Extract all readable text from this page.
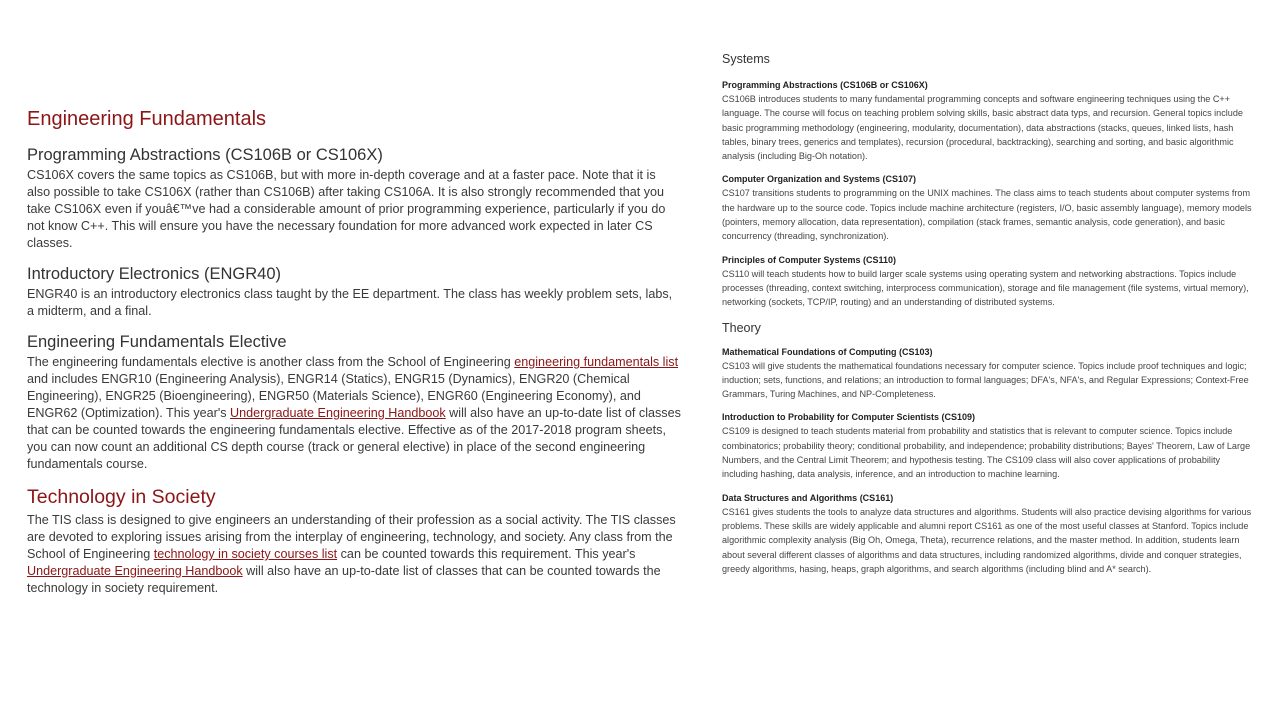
Engineering Fundamentals
Programming Abstractions (CS106B or CS106X)

CS106X covers the same topics as CS106B, but with more in-depth coverage and at a faster pace. Note that it is also possible to take CS106X (rather than CS106B) after taking CS106A. It is also strongly recommended that you take CS106X even if youâ€™ve had a considerable amount of prior programming experience, particularly if you do not know C++. This will ensure you have the necessary foundation for more advanced work expected in later CS classes.

Introductory Electronics (ENGR40)

ENGR40 is an introductory electronics class taught by the EE department. The class has weekly problem sets, labs, a midterm, and a final.

Engineering Fundamentals Elective

The engineering fundamentals elective is another class from the School of Engineering engineering fundamentals list and includes ENGR10 (Engineering Analysis), ENGR14 (Statics), ENGR15 (Dynamics), ENGR20 (Chemical Engineering), ENGR25 (Bioengineering), ENGR50 (Materials Science), ENGR60 (Engineering Economy), and ENGR62 (Optimization). This year's Undergraduate Engineering Handbook will also have an up-to-date list of classes that can be counted towards the engineering fundamentals elective. Effective as of the 2017-2018 program sheets, you can now count an additional CS depth course (track or general elective) in place of the second engineering fundamentals course.

Technology in Society

The TIS class is designed to give engineers an understanding of their profession as a social activity. The TIS classes are devoted to exploring issues arising from the interplay of engineering, technology, and society. Any class from the School of Engineering technology in society courses list can be counted towards this requirement. This year's Undergraduate Engineering Handbook will also have an up-to-date list of classes that can be counted towards the technology in society requirement.

Systems
Programming Abstractions (CS106B or CS106X)
CS106B introduces students to many fundamental programming concepts and software engineering techniques using the C++ language. The course will focus on teaching problem solving skills, basic abstract data typs, and recursion. General topics include basic programming methodology (engineering, modularity, documentation), data abstractions (stacks, queues, linked lists, hash tables, binary trees, generics and templates), recursion (procedural, backtracking), searching and sorting, and basic algorithmic analysis (including Big-Oh notation).
Computer Organization and Systems (CS107)
CS107 transitions students to programming on the UNIX machines. The class aims to teach students about computer systems from the hardware up to the source code. Topics include machine architecture (registers, I/O, basic assembly language), memory models (pointers, memory allocation, data representation), compilation (stack frames, semantic analysis, code generation), and basic concurrency (threading, synchronization).
Principles of Computer Systems (CS110)
CS110 will teach students how to build larger scale systems using operating system and networking abstractions. Topics include processes (threading, context switching, interprocess communication), storage and file management (file systems, virtual memory), networking (sockets, TCP/IP, routing) and an understanding of distributed systems.
Theory
Mathematical Foundations of Computing (CS103)
CS103 will give students the mathematical foundations necessary for computer science. Topics include proof techniques and logic; induction; sets, functions, and relations; an introduction to formal languages; DFA's, NFA's, and Regular Expressions; Context-Free Grammars, Turing Machines, and NP-Completeness.
Introduction to Probability for Computer Scientists (CS109)
CS109 is designed to teach students material from probability and statistics that is relevant to computer science. Topics include combinatorics; probability theory; conditional probability, and independence; probability distributions; Bayes' Theorem, Law of Large Numbers, and the Central Limit Theorem; and hypothesis testing. The CS109 class will also cover applications of probability including hashing, data analysis, inference, and an introduction to machine learning.
Data Structures and Algorithms (CS161)
CS161 gives students the tools to analyze data structures and algorithms. Students will also practice devising algorithms for various problems. These skills are widely applicable and alumni report CS161 as one of the most useful classes at Stanford. Topics include algorithmic complexity analysis (Big Oh, Omega, Theta), recurrence relations, and the master method. In addition, students learn about several different classes of algorithms and data structures, including randomized algorithms, divide and conquer strategies, greedy algorithms, hasing, heaps, graph algorithms, and search algorithms (including blind and A* search).
